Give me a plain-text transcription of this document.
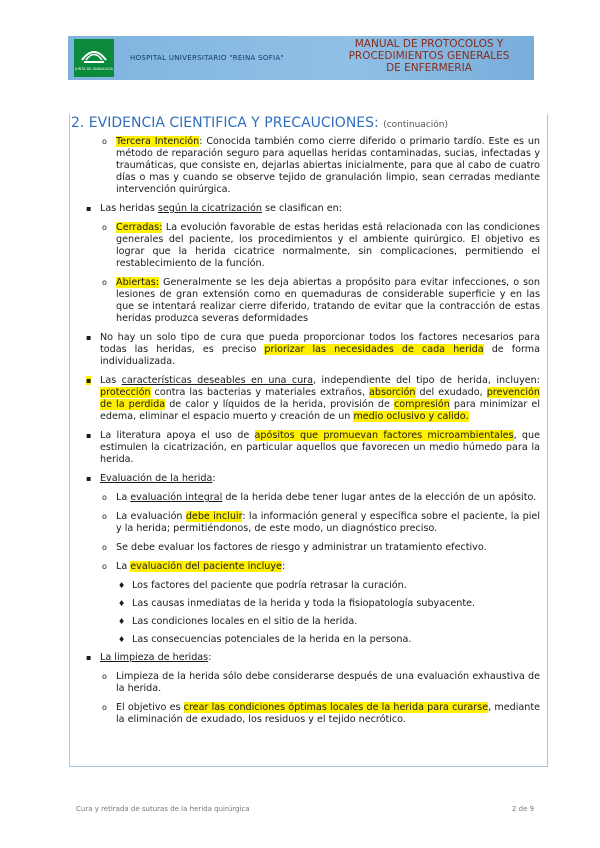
JUNTA DE ANDALUCIA
HOSPITAL UNIVERSITARIO "REINA SOFIA"
MANUAL DE PROTOCOLOS Y
PROCEDIMIENTOS GENERALES
DE ENFERMERIA
2. EVIDENCIA CIENTIFICA Y PRECAUCIONES: (continuación)
o Tercera Intención: Conocida también como cierre diferido o primario tardío. Este es un método de reparación seguro para aquellas heridas contaminadas, sucias, infectadas y traumáticas, que consiste en, dejarlas abiertas inicialmente, para que al cabo de cuatro días o mas y cuando se observe tejido de granulación limpio, sean cerradas mediante intervención quirúrgica.
▪ Las heridas según la cicatrización se clasifican en:
o Cerradas: La evolución favorable de estas heridas está relacionada con las condiciones generales del paciente, los procedimientos y el ambiente quirúrgico. El objetivo es lograr que la herida cicatrice normalmente, sin complicaciones, permitiendo el restablecimiento de la función.
o Abiertas: Generalmente se les deja abiertas a propósito para evitar infecciones, o son lesiones de gran extensión como en quemaduras de considerable superficie y en las que se intentará realizar cierre diferido, tratando de evitar que la contracción de estas heridas produzca severas deformidades
▪ No hay un solo tipo de cura que pueda proporcionar todos los factores necesarios para todas las heridas, es preciso priorizar las necesidades de cada herida de forma individualizada.
▪ Las características deseables en una cura, independiente del tipo de herida, incluyen: protección contra las bacterias y materiales extraños, absorción del exudado, prevención de la perdida de calor y líquidos de la herida, provisión de compresión para minimizar el edema, eliminar el espacio muerto y creación de un medio oclusivo y calido.
▪ La literatura apoya el uso de apósitos que promuevan factores microambientales, que estimulen la cicatrización, en particular aquellos que favorecen un medio húmedo para la herida.
▪ Evaluación de la herida:
o La evaluación integral de la herida debe tener lugar antes de la elección de un apósito.
o La evaluación debe incluir: la información general y específica sobre el paciente, la piel y la herida; permitiéndonos, de este modo, un diagnóstico preciso.
o Se debe evaluar los factores de riesgo y administrar un tratamiento efectivo.
o La evaluación del paciente incluye:
♦ Los factores del paciente que podría retrasar la curación.
♦ Las causas inmediatas de la herida y toda la fisiopatología subyacente.
♦ Las condiciones locales en el sitio de la herida.
♦ Las consecuencias potenciales de la herida en la persona.
▪ La limpieza de heridas:
o Limpieza de la herida sólo debe considerarse después de una evaluación exhaustiva de la herida.
o El objetivo es crear las condiciones óptimas locales de la herida para curarse, mediante la eliminación de exudado, los residuos y el tejido necrótico.
Cura y retirada de suturas de la herida quirúrgica	2 de 9
